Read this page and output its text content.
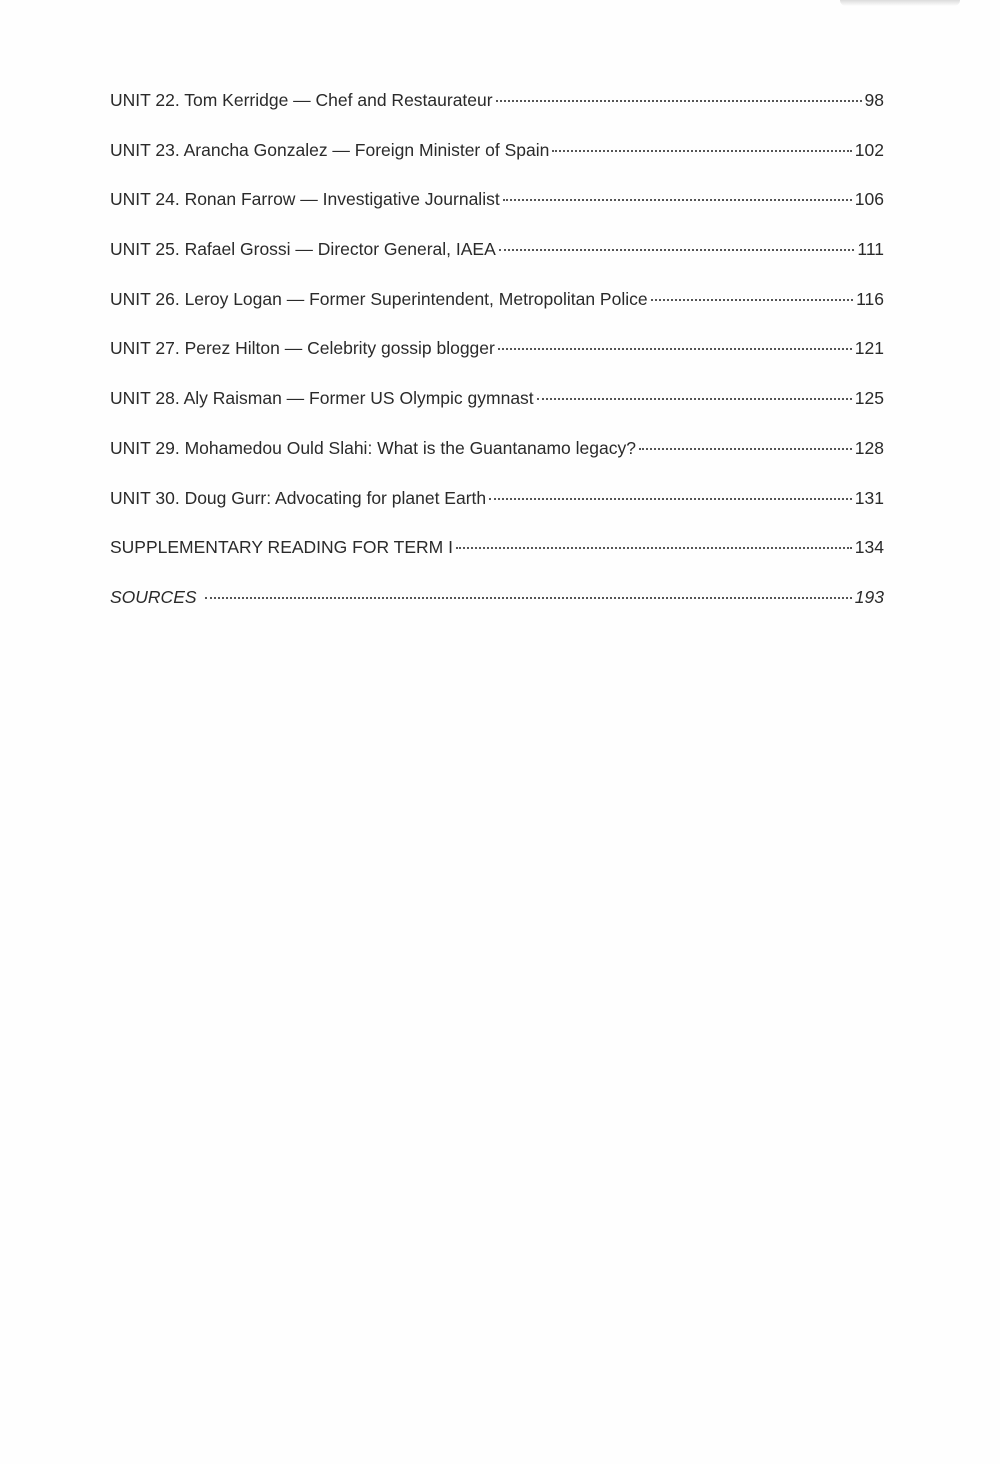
UNIT 22. Tom Kerridge — Chef and Restaurateur	98
UNIT 23. Arancha Gonzalez — Foreign Minister of Spain	102
UNIT 24. Ronan Farrow — Investigative Journalist	106
UNIT 25. Rafael Grossi — Director General, IAEA	111
UNIT 26. Leroy Logan — Former Superintendent, Metropolitan Police	116
UNIT 27. Perez Hilton — Celebrity gossip blogger	121
UNIT 28. Aly Raisman — Former US Olympic gymnast	125
UNIT 29. Mohamedou Ould Slahi: What is the Guantanamo legacy?	128
UNIT 30. Doug Gurr: Advocating for planet Earth	131
SUPPLEMENTARY READING FOR TERM I	134
SOURCES	193
